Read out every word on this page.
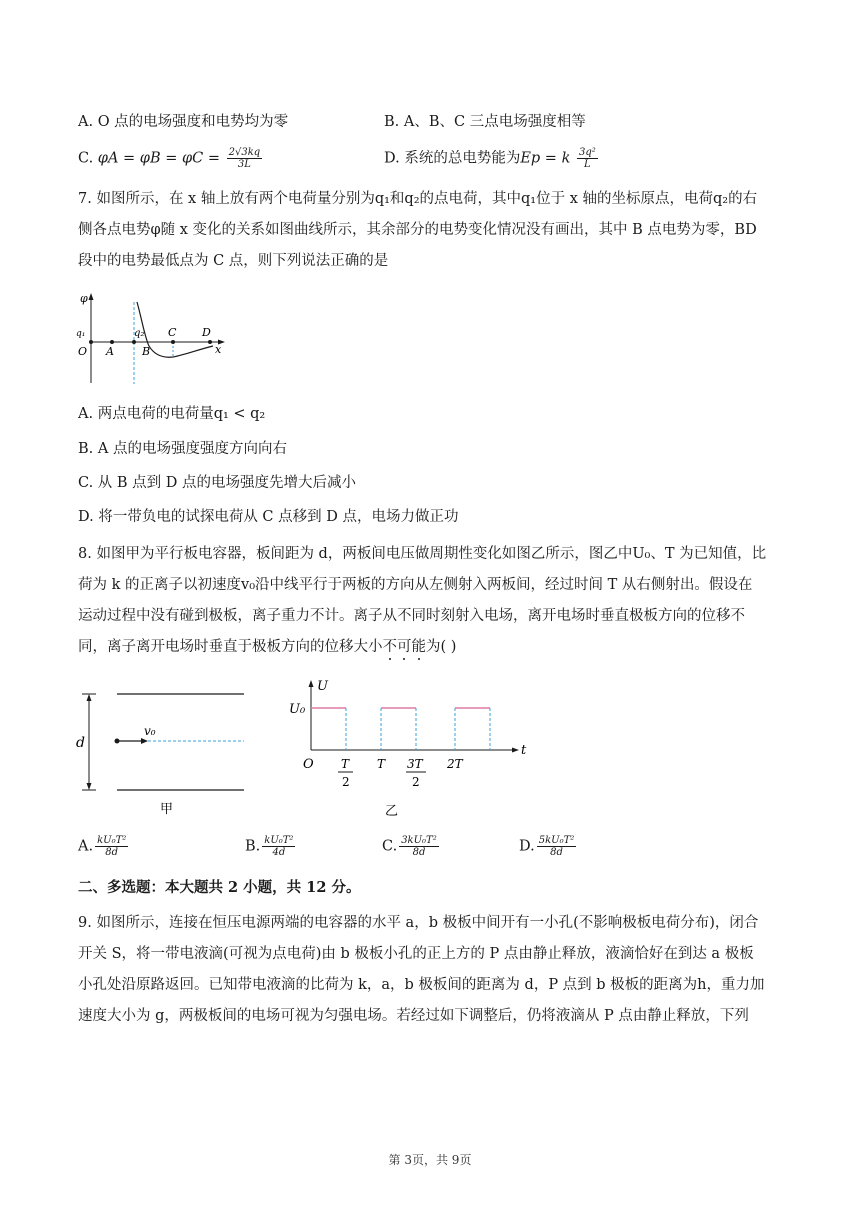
A. O 点的电场强度和电势均为零	B. A、B、C 三点电场强度相等
C. $\varphi A = \varphi B = \varphi C = \frac{2√3kq}{3L}$	D. 系统的总电势能为Ep = k $\frac{\text{3q²}}{L}$
7. 如图所示，在 x 轴上放有两个电荷量分别为q₁和q₂的点电荷，其中q₁位于 x 轴的坐标原点，电荷q₂的右
侧各点电势φ随 x 变化的关系如图曲线所示，其余部分的电势变化情况没有画出，其中 B 点电势为零，BD
段中的电势最低点为 C 点，则下列说法正确的是
φ
q₁
O A
q₂
B
C D
x
A. 两点电荷的电荷量q₁ < q₂
B. A 点的电场强度强度方向向右
C. 从 B 点到 D 点的电场强度先增大后减小
D. 将一带负电的试探电荷从 C 点移到 D 点，电场力做正功
8. 如图甲为平行板电容器，板间距为 d，两板间电压做周期性变化如图乙所示，图乙中U₀、T 为已知值，比
荷为 k 的正离子以初速度v₀沿中线平行于两板的方向从左侧射入两板间，经过时间 T 从右侧射出。假设在
运动过程中没有碰到极板，离子重力不计。离子从不同时刻射入电场，离开电场时垂直极板方向的位移不
同，离子离开电场时垂直于极板方向的位移大小不可能为( )
d
v₀
甲
U
U₀
O
t
T
2
T 3T
2
2T
乙
A. $\frac{\text{kU₀T²}}{8d}$	B. $\frac{\text{kU₀T²}}{4d}$	C. $\frac{\text{3kU₀T²}}{8d}$	D. $\frac{\text{5kU₀T²}}{8d}$
二、多选题：本大题共 2 小题，共 12 分。
9. 如图所示，连接在恒压电源两端的电容器的水平 a，b 极板中间开有一小孔(不影响极板电荷分布)，闭合
开关 S，将一带电液滴(可视为点电荷)由 b 极板小孔的正上方的 P 点由静止释放，液滴恰好在到达 a 极板
小孔处沿原路返回。已知带电液滴的比荷为 k，a，b 极板间的距离为 d，P 点到 b 极板的距离为h，重力加
速度大小为 g，两极板间的电场可视为匀强电场。若经过如下调整后，仍将液滴从 P 点由静止释放，下列
第 3页，共 9页
